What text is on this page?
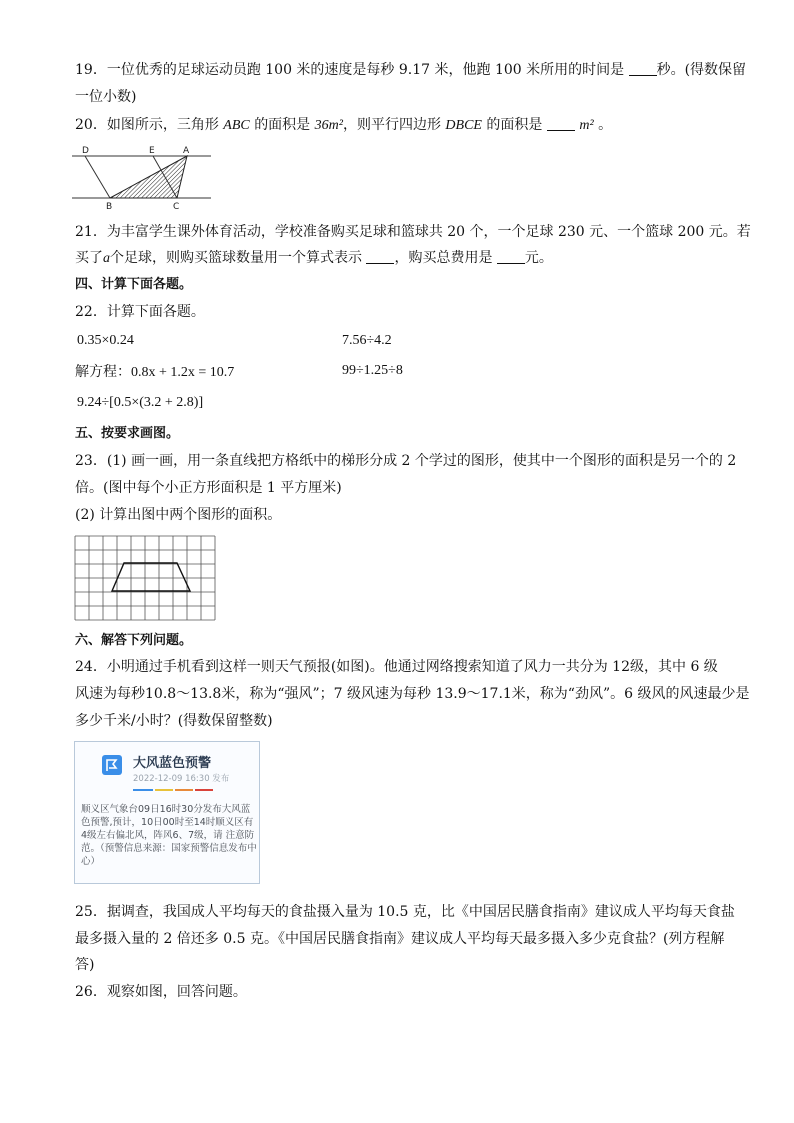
19．一位优秀的足球运动员跑 100 米的速度是每秒 9.17 米，他跑 100 米所用的时间是 秒。(得数保留
一位小数)
20．如图所示，三角形 ABC 的面积是 36m²，则平行四边形 DBCE 的面积是	m² 。
D	E	A
B	C
21．为丰富学生课外体育活动，学校准备购买足球和篮球共 20 个，一个足球 230 元、一个篮球 200 元。若
买了a个足球，则购买篮球数量用一个算式表示 ，购买总费用是 元。
四、计算下面各题。
22．计算下面各题。
0.35×0.24	7.56÷4.2
解方程：0.8x + 1.2x = 10.7	99÷1.25÷8
9.24÷[0.5×(3.2 + 2.8)]
五、按要求画图。
23．(1) 画一画，用一条直线把方格纸中的梯形分成 2 个学过的图形，使其中一个图形的面积是另一个的 2
倍。(图中每个小正方形面积是 1 平方厘米)
(2) 计算出图中两个图形的面积。
六、解答下列问题。
24．小明通过手机看到这样一则天气预报(如图)。他通过网络搜索知道了风力一共分为 12级，其中 6 级
风速为每秒10.8～13.8米，称为“强风”；7 级风速为每秒 13.9～17.1米，称为“劲风”。6 级风的风速最少是
多少千米/小时？(得数保留整数)
大风蓝色预警
2022-12-09 16:30 发布
顺义区气象台09日16时30分发布大风蓝色预警,预计，10日00时至14时顺义区有4级左右偏北风，阵风6、7级，请 注意防范。（预警信息来源：国家预警信息发布中心）
25．据调查，我国成人平均每天的食盐摄入量为 10.5 克，比《中国居民膳食指南》建议成人平均每天食盐
最多摄入量的 2 倍还多 0.5 克。《中国居民膳食指南》建议成人平均每天最多摄入多少克食盐？(列方程解
答)
26．观察如图，回答问题。
